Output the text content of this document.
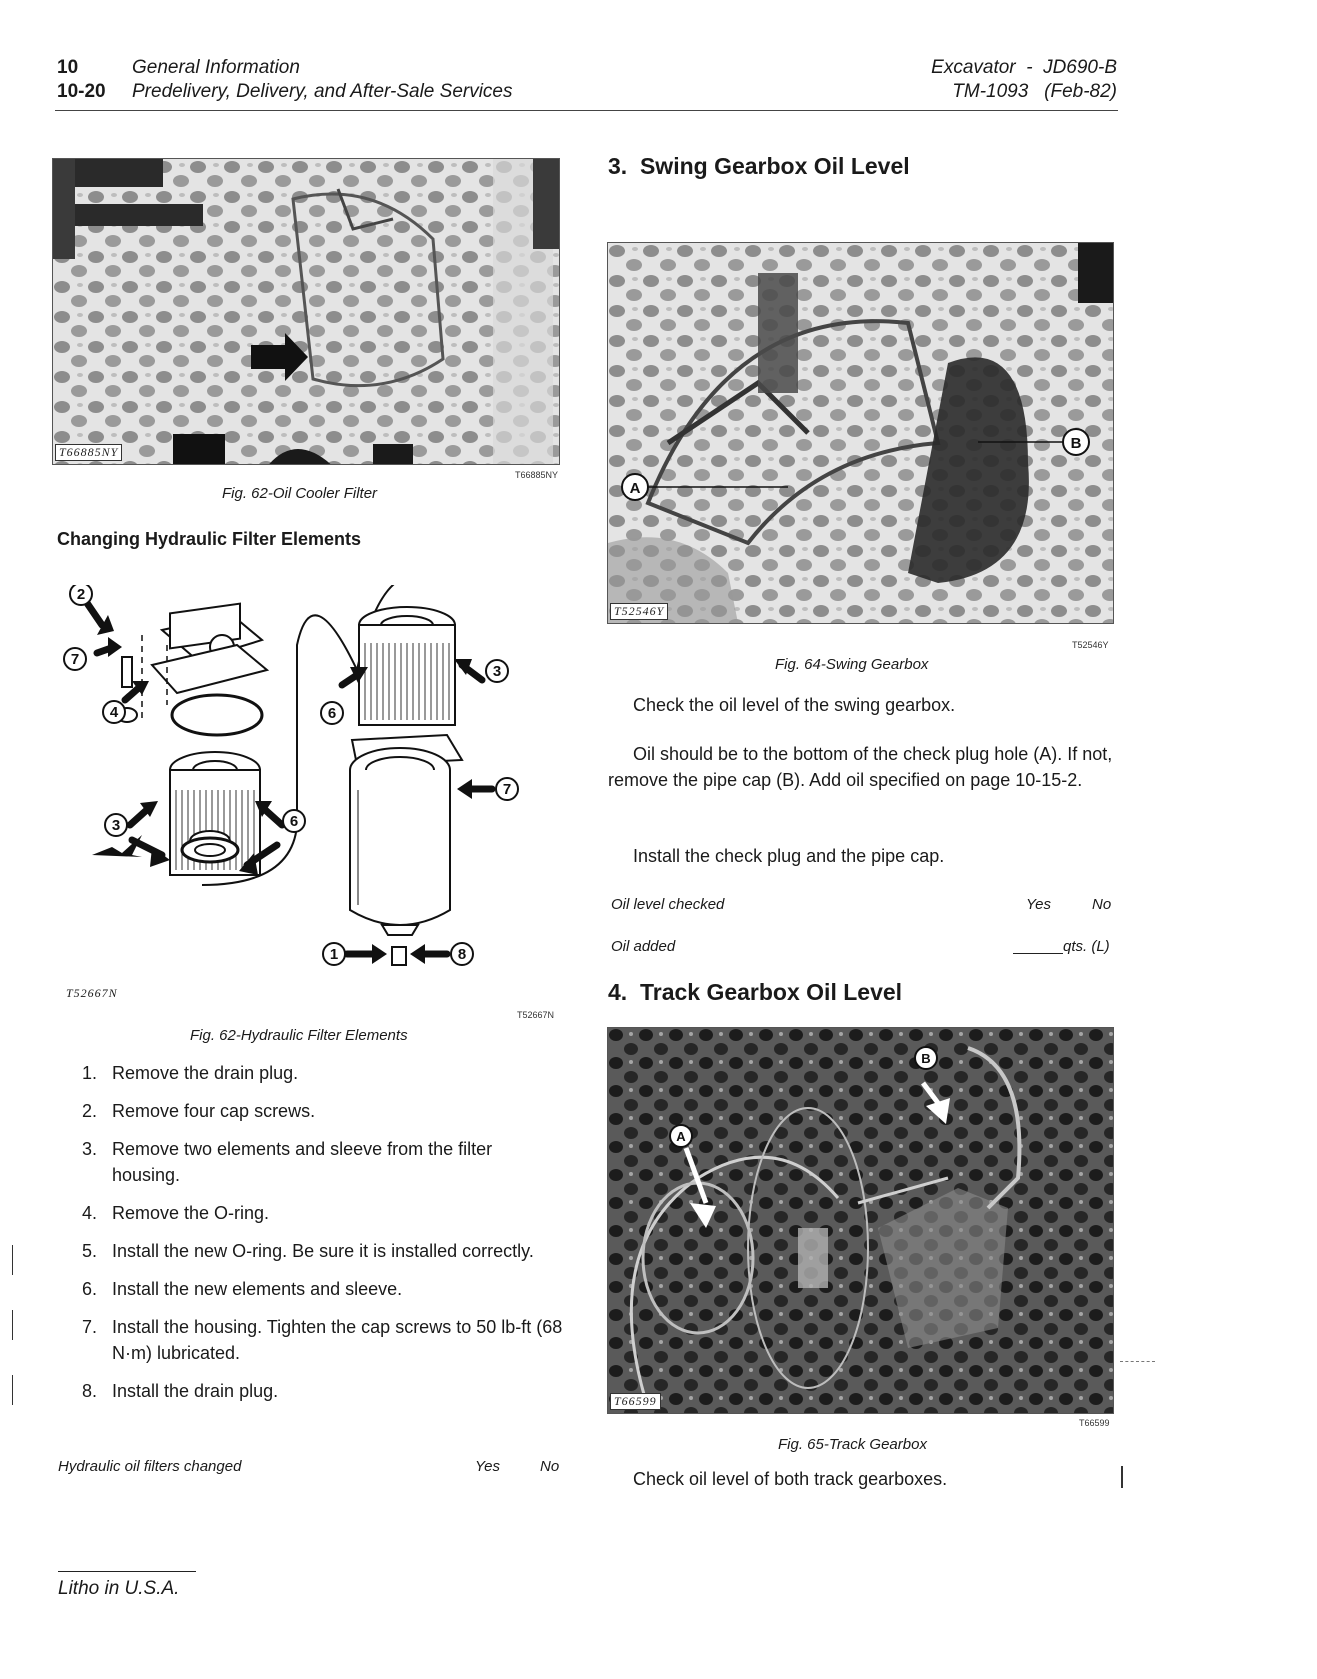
10
10-20
General Information
Predelivery, Delivery, and After-Sale Services
Excavator  -  JD690-B
TM-1093   (Feb-82)
T66885NY
T66885NY
Fig. 62-Oil Cooler Filter
Changing Hydraulic Filter Elements
2
7
4
3	6
3
6
7
1	8
T52667N
T52667N
Fig. 62-Hydraulic Filter Elements
1. Remove the drain plug.
2. Remove four cap screws.
3. Remove two elements and sleeve from the filter housing.
4. Remove the O-ring.
5. Install the new O-ring. Be sure it is installed correctly.
6. Install the new elements and sleeve.
7. Install the housing. Tighten the cap screws to 50 lb-ft (68 N·m) lubricated.
8. Install the drain plug.
Hydraulic oil filters changed	Yes	No
3.  Swing Gearbox Oil Level
A
B
T52546Y
T52546Y
Fig. 64-Swing Gearbox
Check the oil level of the swing gearbox.
Oil should be to the bottom of the check plug hole (A). If not, remove the pipe cap (B). Add oil specified on page 10-15-2.
Install the check plug and the pipe cap.
Oil level checked	Yes	No
Oil added	qts. (L)
4.  Track Gearbox Oil Level
A
B
T66599
T66599
Fig. 65-Track Gearbox
Check oil level of both track gearboxes.
Litho in U.S.A.
